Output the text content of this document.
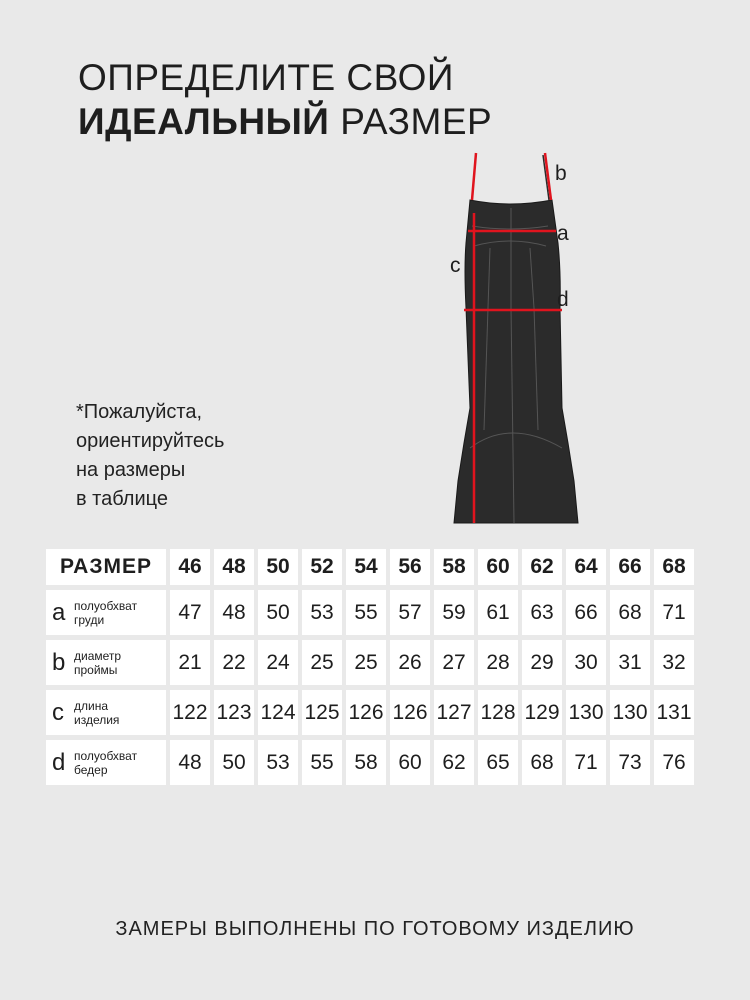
ОПРЕДЕЛИТЕ СВОЙ
ИДЕАЛЬНЫЙ РАЗМЕР
b
a
c
d
*Пожалуйста,
ориентируйтесь
на размеры
в таблице
РАЗМЕР	46	48	50	52	54	56	58	60	62	64	66	68

a полуобхват
груди	47	48	50	53	55	57	59	61	63	66	68	71

b диаметр
проймы	21	22	24	25	25	26	27	28	29	30	31	32

c длина
изделия	122	123	124	125	126	126	127	128	129	130	130	131

d полуобхват
бедер	48	50	53	55	58	60	62	65	68	71	73	76
ЗАМЕРЫ ВЫПОЛНЕНЫ ПО ГОТОВОМУ ИЗДЕЛИЮ
